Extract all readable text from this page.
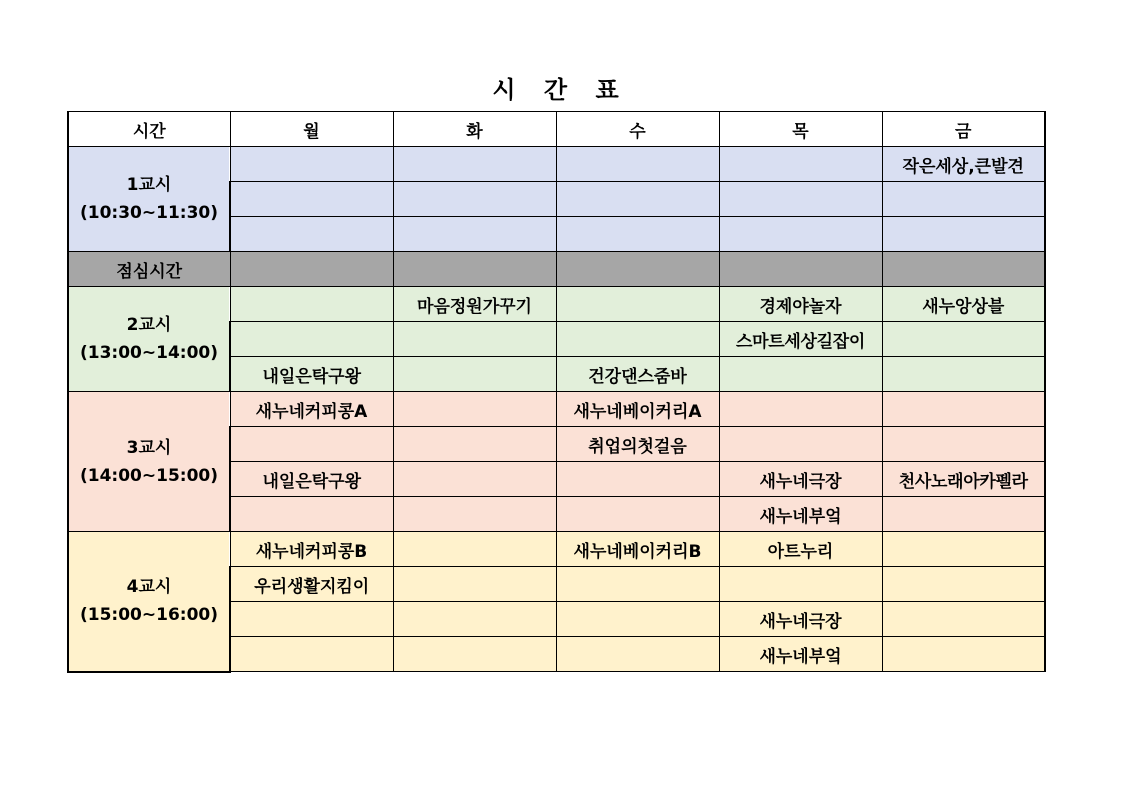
시 간 표
시간	월	화	수	목	금

1교시
(10:30~11:30)					작은세상,큰발견

점심시간					

2교시
(13:00~14:00)		마음정원가꾸기		경제야놀자	새누앙상블
				스마트세상길잡이	
	내일은탁구왕		건강댄스줌바		

3교시
(14:00~15:00)	새누네커피콩A		새누네베이커리A		
			취업의첫걸음		
	내일은탁구왕			새누네극장	천사노래아카펠라
				새누네부엌	

4교시
(15:00~16:00)	새누네커피콩B		새누네베이커리B	아트누리	
	우리생활지킴이				
				새누네극장	
				새누네부엌	
